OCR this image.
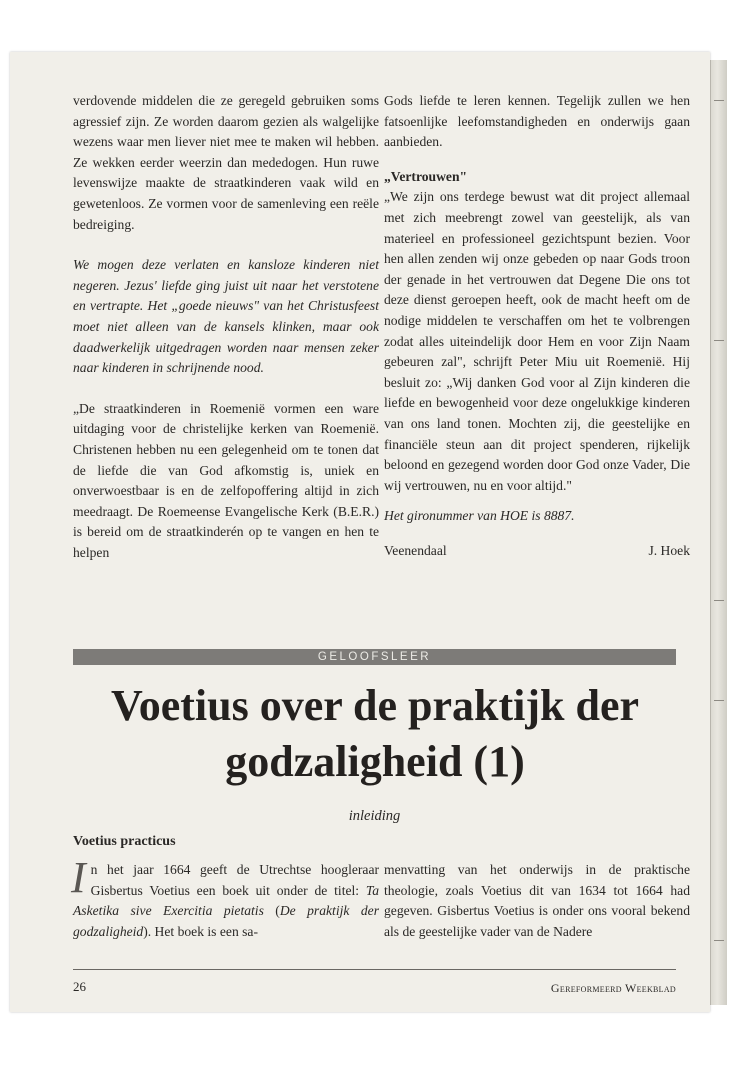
verdovende middelen die ze geregeld gebruiken soms agressief zijn. Ze worden daarom gezien als walgelijke wezens waar men liever niet mee te maken wil hebben. Ze wekken eerder weerzin dan mededogen. Hun ruwe levenswijze maakte de straatkinderen vaak wild en gewetenloos. Ze vormen voor de samenleving een reële bedreiging.

We mogen deze verlaten en kansloze kinderen niet negeren. Jezus' liefde ging juist uit naar het verstotene en vertrapte. Het „goede nieuws" van het Christusfeest moet niet alleen van de kansels klinken, maar ook daadwerkelijk uitgedragen worden naar mensen zeker naar kinderen in schrijnende nood.

„De straatkinderen in Roemenië vormen een ware uitdaging voor de christelijke kerken van Roemenië. Christenen hebben nu een gelegenheid om te tonen dat de liefde die van God afkomstig is, uniek en onverwoestbaar is en de zelfopoffering altijd in zich meedraagt. De Roemeense Evangelische Kerk (B.E.R.) is bereid om de straatkinderén op te vangen en hen te helpen

Gods liefde te leren kennen. Tegelijk zullen we hen fatsoenlijke leefomstandigheden en onderwijs gaan aanbieden.

„Vertrouwen"

„We zijn ons terdege bewust wat dit project allemaal met zich meebrengt zowel van geestelijk, als van materieel en professioneel gezichtspunt bezien. Voor hen allen zenden wij onze gebeden op naar Gods troon der genade in het vertrouwen dat Degene Die ons tot deze dienst geroepen heeft, ook de macht heeft om de nodige middelen te verschaffen om het te volbrengen zodat alles uiteindelijk door Hem en voor Zijn Naam gebeuren zal", schrijft Peter Miu uit Roemenië. Hij besluit zo: „Wij danken God voor al Zijn kinderen die liefde en bewogenheid voor deze ongelukkige kinderen van ons land tonen. Mochten zij, die geestelijke en financiële steun aan dit project spenderen, rijkelijk beloond en gezegend worden door God onze Vader, Die wij vertrouwen, nu en voor altijd."

Het gironummer van HOE is 8887.

Veenendaal	J. Hoek

GELOOFSLEER
Voetius over de praktijk der
godzaligheid (1)
inleiding
Voetius practicus

In het jaar 1664 geeft de Utrechtse hoogleraar Gisbertus Voetius een boek uit onder de titel: Ta Asketika sive Exercitia pietatis (De praktijk der godzaligheid). Het boek is een sa-

menvatting van het onderwijs in de praktische theologie, zoals Voetius dit van 1634 tot 1664 had gegeven. Gisbertus Voetius is onder ons vooral bekend als de geestelijke vader van de Nadere

26	Gereformeerd Weekblad
